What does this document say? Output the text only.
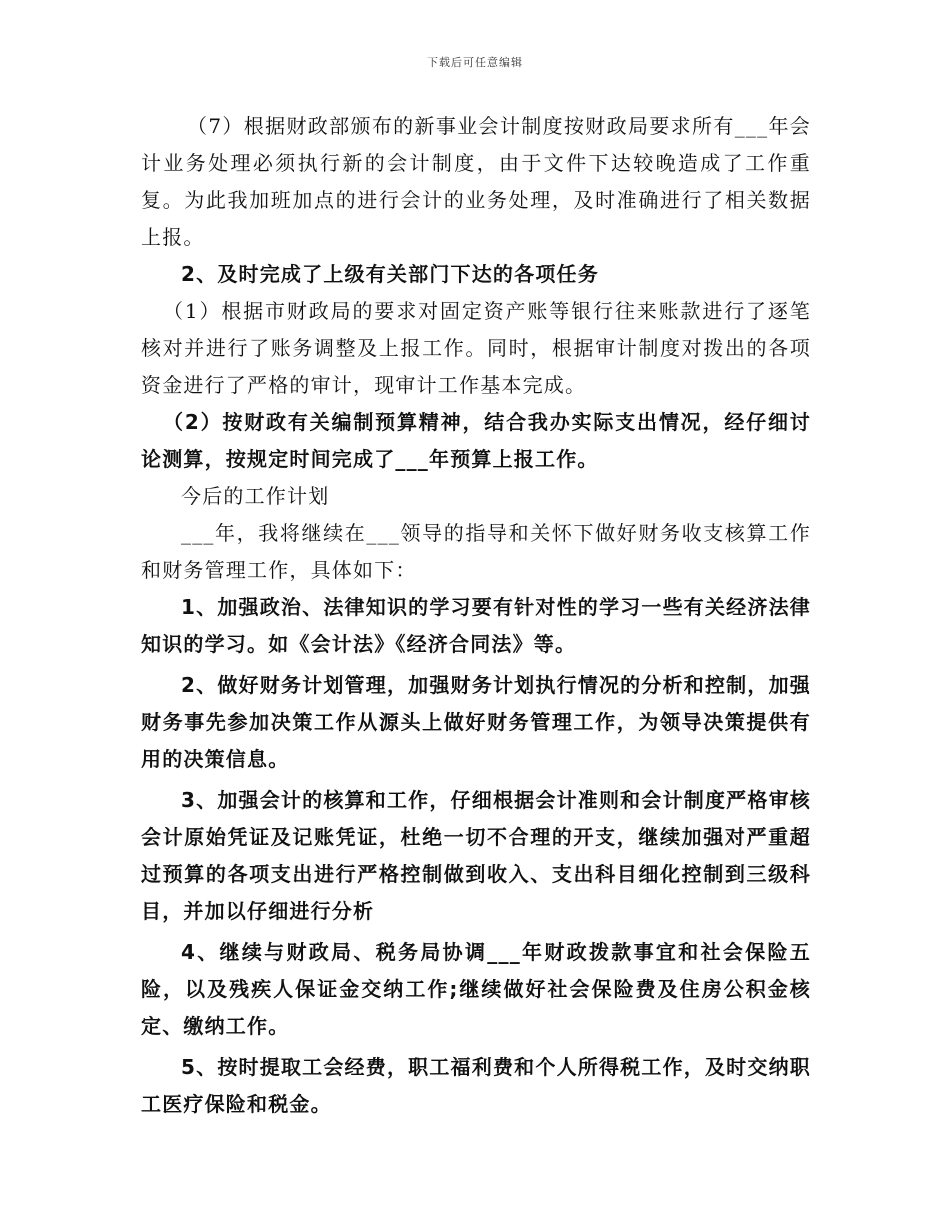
下载后可任意编辑

（7）根据财政部颁布的新事业会计制度按财政局要求所有___年会计业务处理必须执行新的会计制度，由于文件下达较晚造成了工作重复。为此我加班加点的进行会计的业务处理，及时准确进行了相关数据上报。

2、及时完成了上级有关部门下达的各项任务

（1）根据市财政局的要求对固定资产账等银行往来账款进行了逐笔核对并进行了账务调整及上报工作。同时，根据审计制度对拨出的各项资金进行了严格的审计，现审计工作基本完成。

（2）按财政有关编制预算精神，结合我办实际支出情况，经仔细讨论测算，按规定时间完成了___年预算上报工作。

今后的工作计划

___年，我将继续在___领导的指导和关怀下做好财务收支核算工作和财务管理工作，具体如下：

1、加强政治、法律知识的学习要有针对性的学习一些有关经济法律知识的学习。如《会计法》《经济合同法》等。

2、做好财务计划管理，加强财务计划执行情况的分析和控制，加强财务事先参加决策工作从源头上做好财务管理工作，为领导决策提供有用的决策信息。

3、加强会计的核算和工作，仔细根据会计准则和会计制度严格审核会计原始凭证及记账凭证，杜绝一切不合理的开支，继续加强对严重超过预算的各项支出进行严格控制做到收入、支出科目细化控制到三级科目，并加以仔细进行分析

4、继续与财政局、税务局协调___年财政拨款事宜和社会保险五险，以及残疾人保证金交纳工作;继续做好社会保险费及住房公积金核定、缴纳工作。

5、按时提取工会经费，职工福利费和个人所得税工作，及时交纳职工医疗保险和税金。
